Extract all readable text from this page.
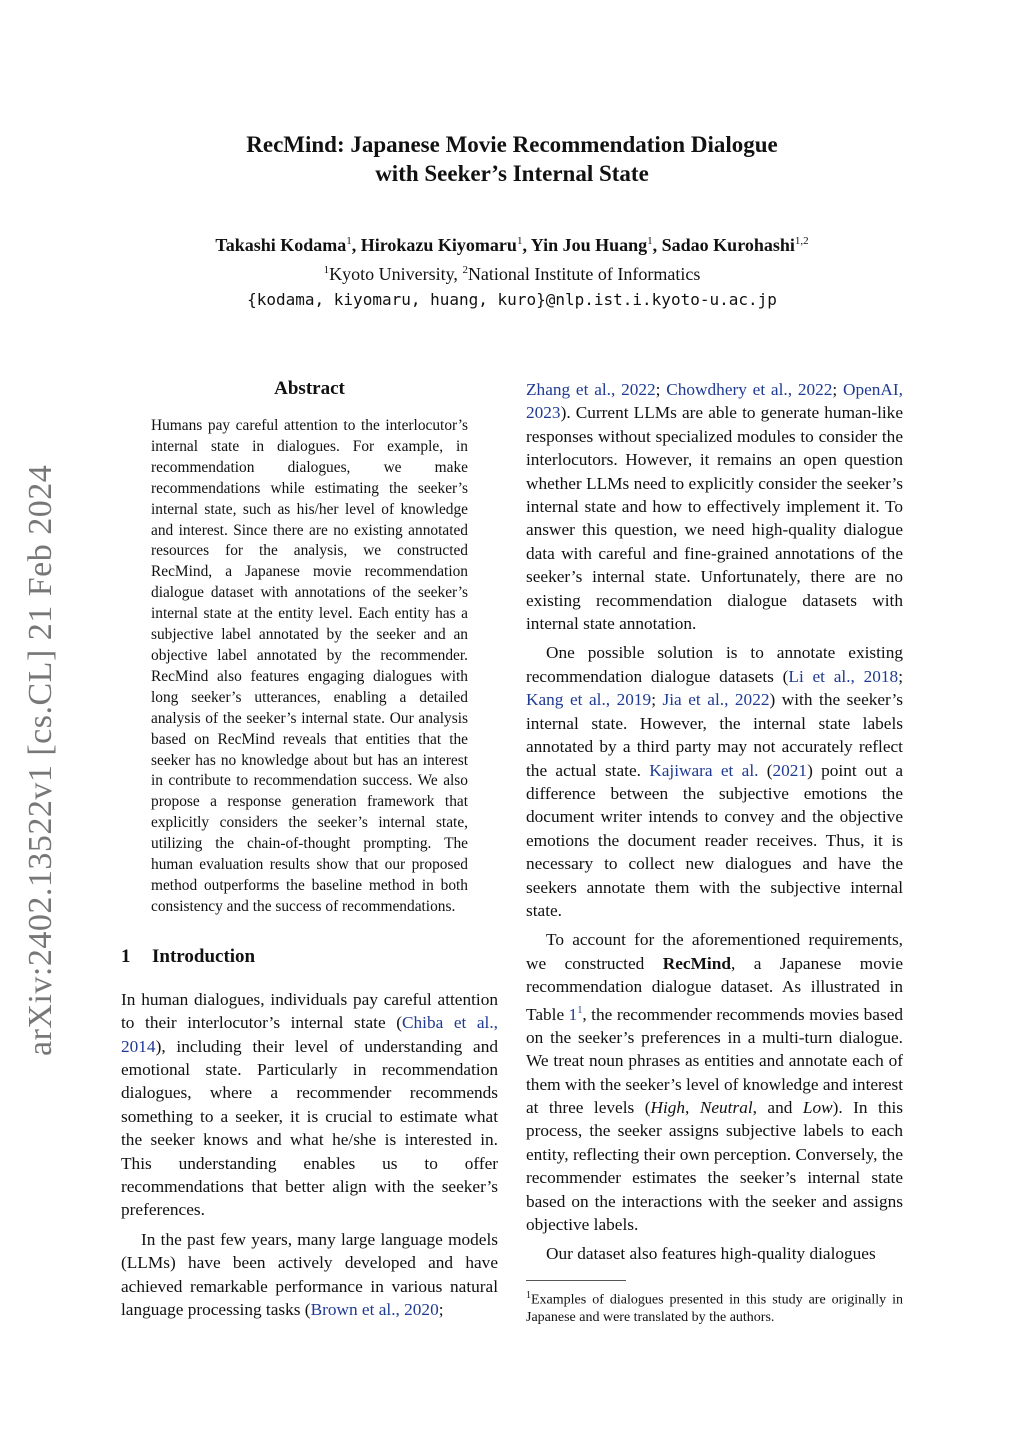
arXiv:2402.13522v1 [cs.CL] 21 Feb 2024
RecMind: Japanese Movie Recommendation Dialogue
with Seeker’s Internal State
Takashi Kodama$^1$, Hirokazu Kiyomaru$^1$, Yin Jou Huang$^1$, Sadao Kurohashi$^{1,2}$
$^1$Kyoto University, $^2$National Institute of Informatics
{kodama, kiyomaru, huang, kuro}@nlp.ist.i.kyoto-u.ac.jp
Abstract
Humans pay careful attention to the interlocutor’s internal state in dialogues. For example, in recommendation dialogues, we make recommendations while estimating the seeker’s internal state, such as his/her level of knowledge and interest. Since there are no existing annotated resources for the analysis, we constructed RecMind, a Japanese movie recommendation dialogue dataset with annotations of the seeker’s internal state at the entity level. Each entity has a subjective label annotated by the seeker and an objective label annotated by the recommender. RecMind also features engaging dialogues with long seeker’s utterances, enabling a detailed analysis of the seeker’s internal state. Our analysis based on RecMind reveals that entities that the seeker has no knowledge about but has an interest in contribute to recommendation success. We also propose a response generation framework that explicitly considers the seeker’s internal state, utilizing the chain-of-thought prompting. The human evaluation results show that our proposed method outperforms the baseline method in both consistency and the success of recommendations.
1 Introduction

In human dialogues, individuals pay careful attention to their interlocutor’s internal state (Chiba et al., 2014), including their level of understanding and emotional state. Particularly in recommendation dialogues, where a recommender recommends something to a seeker, it is crucial to estimate what the seeker knows and what he/she is interested in. This understanding enables us to offer recommendations that better align with the seeker’s preferences.

In the past few years, many large language models (LLMs) have been actively developed and have achieved remarkable performance in various natural language processing tasks (Brown et al., 2020;

Zhang et al., 2022; Chowdhery et al., 2022; OpenAI, 2023). Current LLMs are able to generate human-like responses without specialized modules to consider the interlocutors. However, it remains an open question whether LLMs need to explicitly consider the seeker’s internal state and how to effectively implement it. To answer this question, we need high-quality dialogue data with careful and fine-grained annotations of the seeker’s internal state. Unfortunately, there are no existing recommendation dialogue datasets with internal state annotation.

One possible solution is to annotate existing recommendation dialogue datasets (Li et al., 2018; Kang et al., 2019; Jia et al., 2022) with the seeker’s internal state. However, the internal state labels annotated by a third party may not accurately reflect the actual state. Kajiwara et al. (2021) point out a difference between the subjective emotions the document writer intends to convey and the objective emotions the document reader receives. Thus, it is necessary to collect new dialogues and have the seekers annotate them with the subjective internal state.

To account for the aforementioned requirements, we constructed RecMind, a Japanese movie recommendation dialogue dataset. As illustrated in Table $1^1$, the recommender recommends movies based on the seeker’s preferences in a multi-turn dialogue. We treat noun phrases as entities and annotate each of them with the seeker’s level of knowledge and interest at three levels (High, Neutral, and Low). In this process, the seeker assigns subjective labels to each entity, reflecting their own perception. Conversely, the recommender estimates the seeker’s internal state based on the interactions with the seeker and assigns objective labels.

Our dataset also features high-quality dialogues

$^1$Examples of dialogues presented in this study are originally in Japanese and were translated by the authors.
